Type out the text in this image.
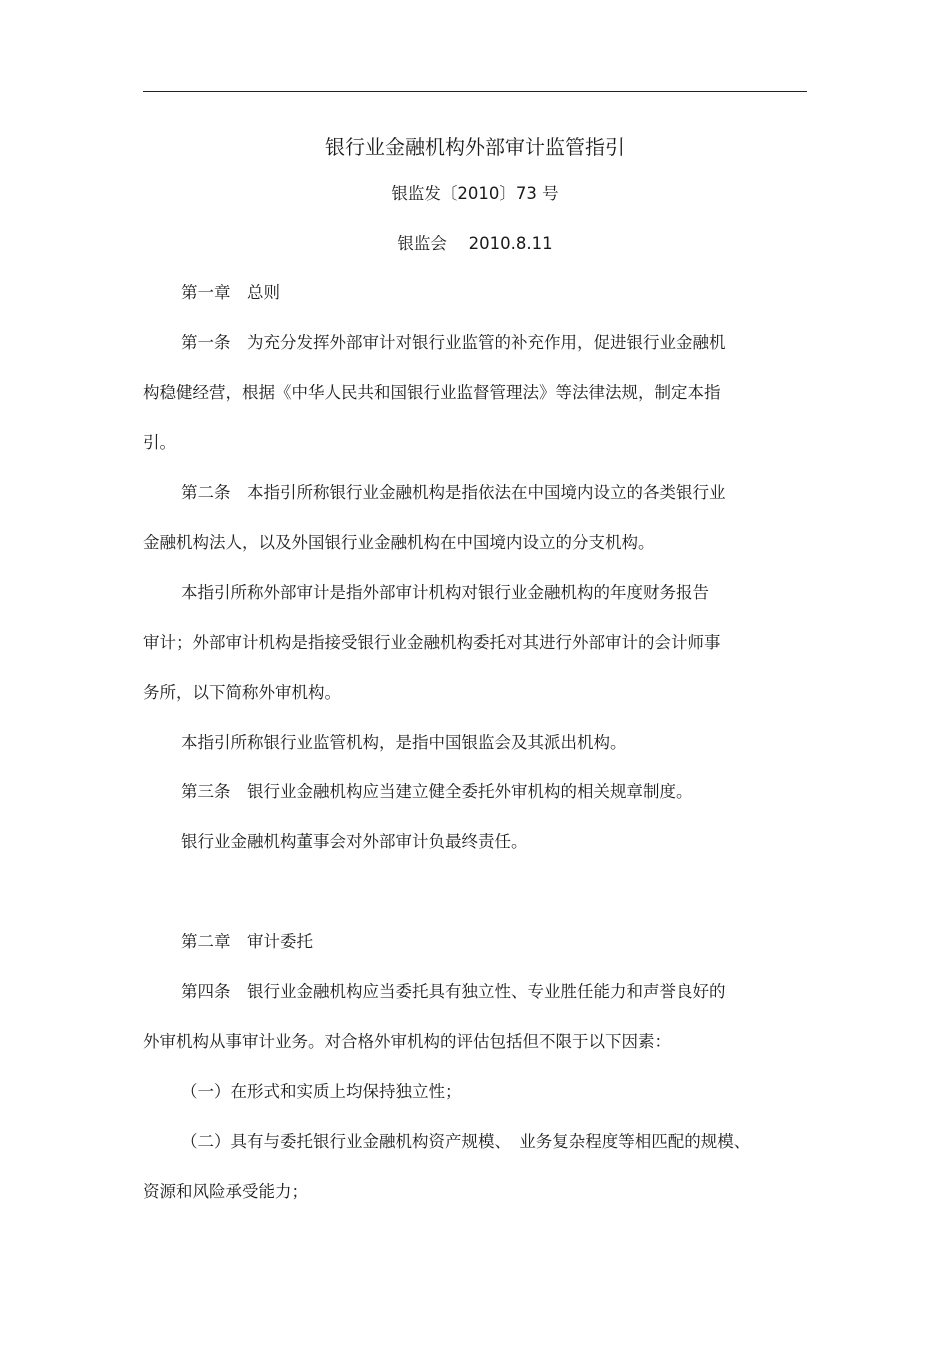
银行业金融机构外部审计监管指引
银监发〔2010〕73 号
银监会　 2010.8.11
第一章　总则
第一条　为充分发挥外部审计对银行业监管的补充作用，促进银行业金融机
构稳健经营，根据《中华人民共和国银行业监督管理法》等法律法规，制定本指
引。
第二条　本指引所称银行业金融机构是指依法在中国境内设立的各类银行业
金融机构法人，以及外国银行业金融机构在中国境内设立的分支机构。
本指引所称外部审计是指外部审计机构对银行业金融机构的年度财务报告
审计；外部审计机构是指接受银行业金融机构委托对其进行外部审计的会计师事
务所，以下简称外审机构。
本指引所称银行业监管机构，是指中国银监会及其派出机构。
第三条　银行业金融机构应当建立健全委托外审机构的相关规章制度。
银行业金融机构董事会对外部审计负最终责任。
第二章　审计委托
第四条　银行业金融机构应当委托具有独立性、专业胜任能力和声誉良好的
外审机构从事审计业务。对合格外审机构的评估包括但不限于以下因素：
（一）在形式和实质上均保持独立性；
（二）具有与委托银行业金融机构资产规模、　业务复杂程度等相匹配的规模、
资源和风险承受能力；
